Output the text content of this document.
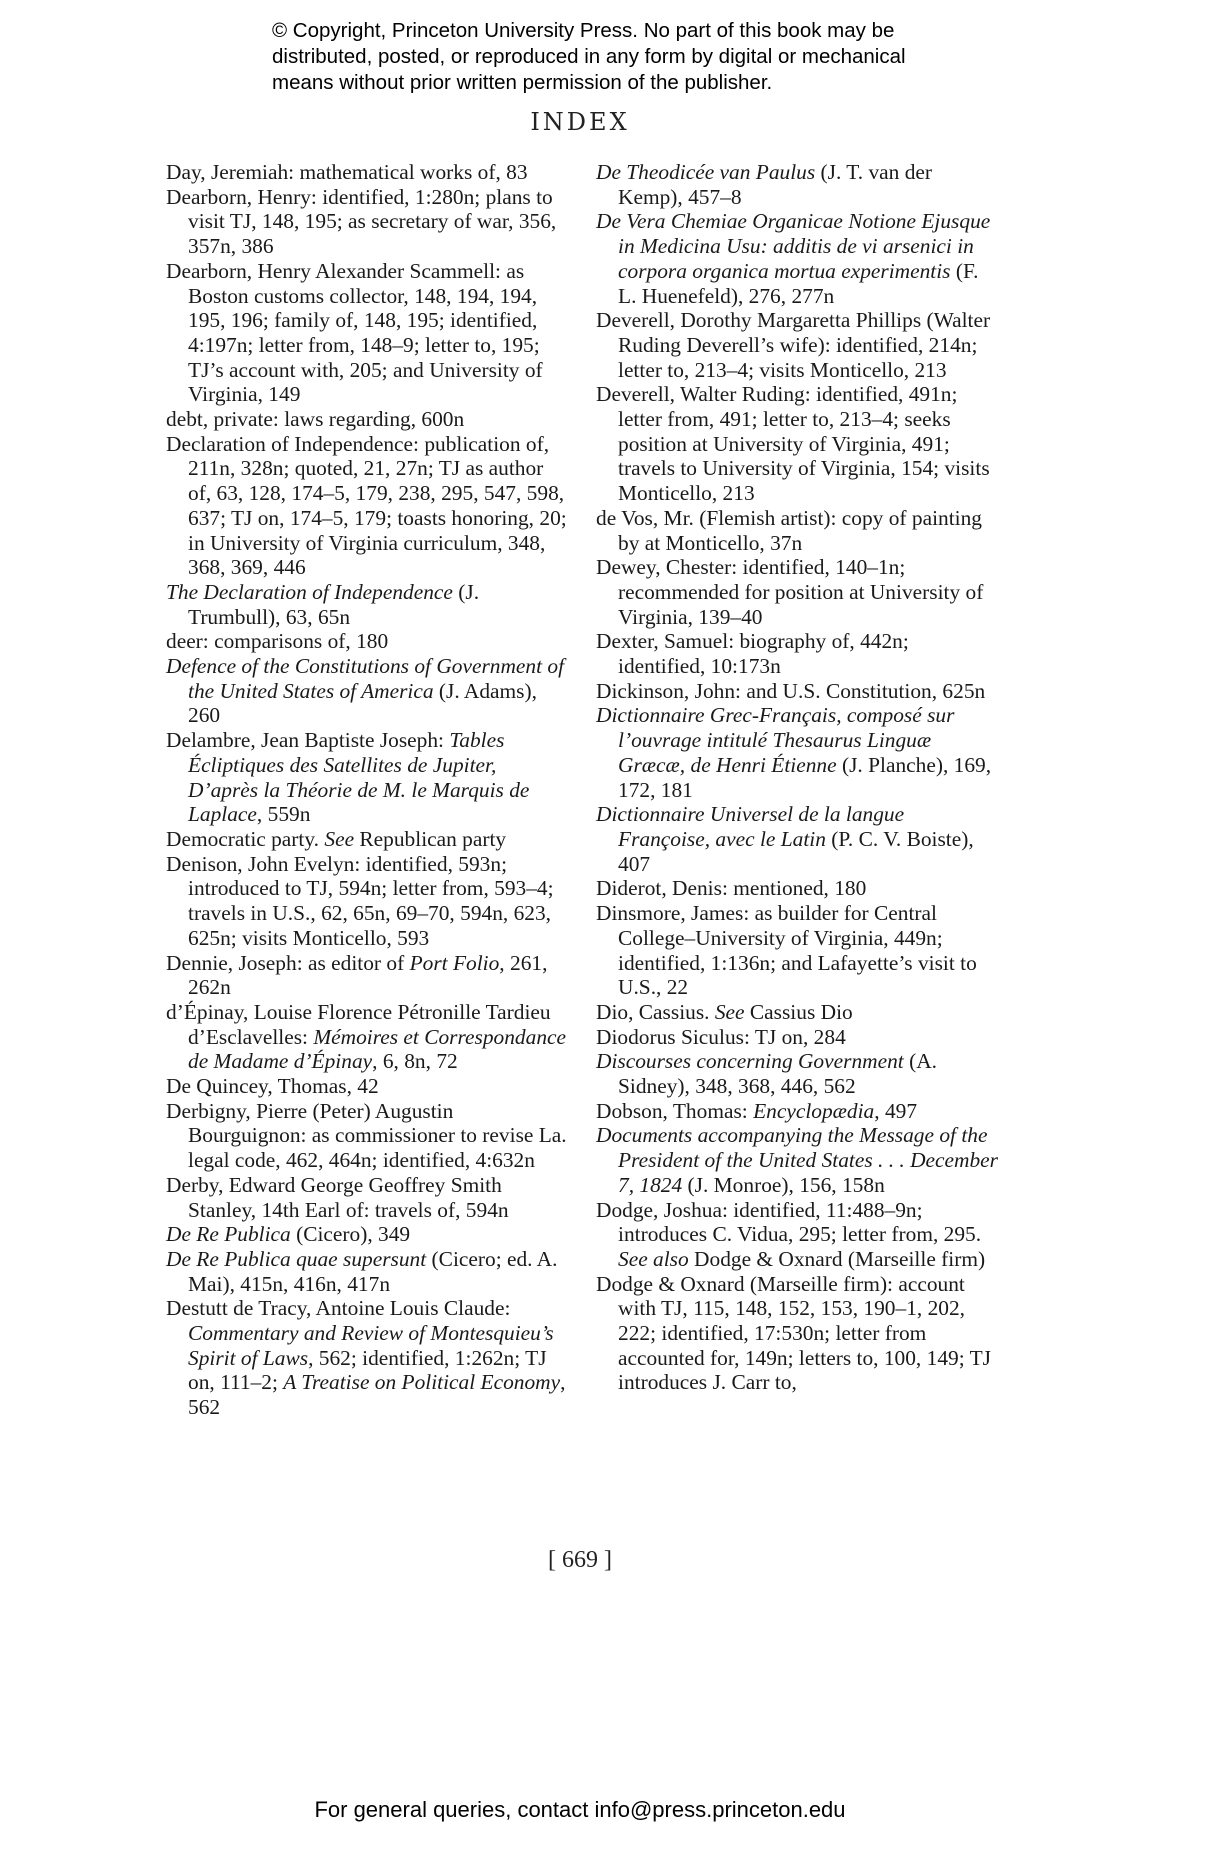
© Copyright, Princeton University Press. No part of this book may be
distributed, posted, or reproduced in any form by digital or mechanical
means without prior written permission of the publisher.
INDEX

Day, Jeremiah: mathematical works of, 83

Dearborn, Henry: identified, 1:280n; plans to visit TJ, 148, 195; as secretary of war, 356, 357n, 386

Dearborn, Henry Alexander Scammell: as Boston customs collector, 148, 194, 194, 195, 196; family of, 148, 195; identified, 4:197n; letter from, 148–9; letter to, 195; TJ’s account with, 205; and University of Virginia, 149

debt, private: laws regarding, 600n

Declaration of Independence: publication of, 211n, 328n; quoted, 21, 27n; TJ as author of, 63, 128, 174–5, 179, 238, 295, 547, 598, 637; TJ on, 174–5, 179; toasts honoring, 20; in University of Virginia curriculum, 348, 368, 369, 446

The Declaration of Independence (J. Trumbull), 63, 65n

deer: comparisons of, 180

Defence of the Constitutions of Government of the United States of America (J. Adams), 260

Delambre, Jean Baptiste Joseph: Tables Écliptiques des Satellites de Jupiter, D’après la Théorie de M. le Marquis de Laplace, 559n

Democratic party. See Republican party

Denison, John Evelyn: identified, 593n; introduced to TJ, 594n; letter from, 593–4; travels in U.S., 62, 65n, 69–70, 594n, 623, 625n; visits Monticello, 593

Dennie, Joseph: as editor of Port Folio, 261, 262n

d’Épinay, Louise Florence Pétronille Tardieu d’Esclavelles: Mémoires et Correspondance de Madame d’Épinay, 6, 8n, 72

De Quincey, Thomas, 42

Derbigny, Pierre (Peter) Augustin Bourguignon: as commissioner to revise La. legal code, 462, 464n; identified, 4:632n

Derby, Edward George Geoffrey Smith Stanley, 14th Earl of: travels of, 594n

De Re Publica (Cicero), 349

De Re Publica quae supersunt (Cicero; ed. A. Mai), 415n, 416n, 417n

Destutt de Tracy, Antoine Louis Claude: Commentary and Review of Montesquieu’s Spirit of Laws, 562; identified, 1:262n; TJ on, 111–2; A Treatise on Political Economy, 562

De Theodicée van Paulus (J. T. van der Kemp), 457–8

De Vera Chemiae Organicae Notione Ejusque in Medicina Usu: additis de vi arsenici in corpora organica mortua experimentis (F. L. Huenefeld), 276, 277n

Deverell, Dorothy Margaretta Phillips (Walter Ruding Deverell’s wife): identified, 214n; letter to, 213–4; visits Monticello, 213

Deverell, Walter Ruding: identified, 491n; letter from, 491; letter to, 213–4; seeks position at University of Virginia, 491; travels to University of Virginia, 154; visits Monticello, 213

de Vos, Mr. (Flemish artist): copy of painting by at Monticello, 37n

Dewey, Chester: identified, 140–1n; recommended for position at University of Virginia, 139–40

Dexter, Samuel: biography of, 442n; identified, 10:173n

Dickinson, John: and U.S. Constitution, 625n

Dictionnaire Grec-Français, composé sur l’ouvrage intitulé Thesaurus Linguæ Græcæ, de Henri Étienne (J. Planche), 169, 172, 181

Dictionnaire Universel de la langue Françoise, avec le Latin (P. C. V. Boiste), 407

Diderot, Denis: mentioned, 180

Dinsmore, James: as builder for Central College–University of Virginia, 449n; identified, 1:136n; and Lafayette’s visit to U.S., 22

Dio, Cassius. See Cassius Dio

Diodorus Siculus: TJ on, 284

Discourses concerning Government (A. Sidney), 348, 368, 446, 562

Dobson, Thomas: Encyclopædia, 497

Documents accompanying the Message of the President of the United States . . . December 7, 1824 (J. Monroe), 156, 158n

Dodge, Joshua: identified, 11:488–9n; introduces C. Vidua, 295; letter from, 295. See also Dodge & Oxnard (Marseille firm)

Dodge & Oxnard (Marseille firm): account with TJ, 115, 148, 152, 153, 190–1, 202, 222; identified, 17:530n; letter from accounted for, 149n; letters to, 100, 149; TJ introduces J. Carr to,

[ 669 ]
For general queries, contact info@press.princeton.edu
